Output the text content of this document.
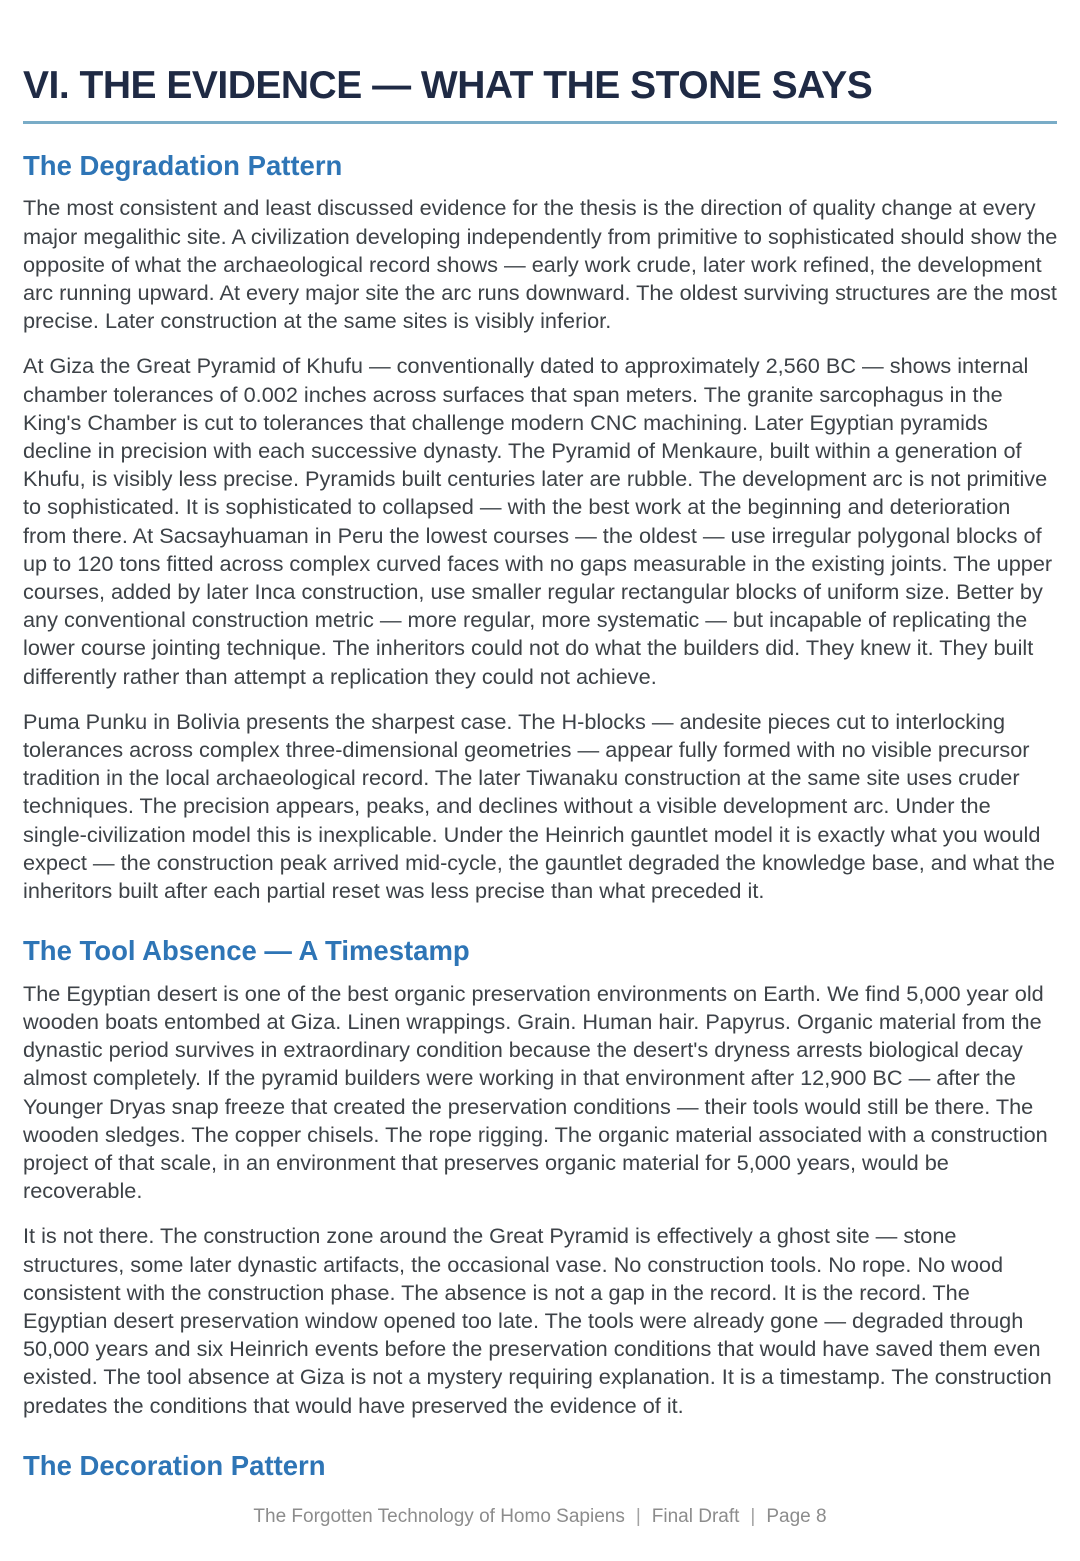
VI. THE EVIDENCE — WHAT THE STONE SAYS
The Degradation Pattern

The most consistent and least discussed evidence for the thesis is the direction of quality change at every major megalithic site. A civilization developing independently from primitive to sophisticated should show the opposite of what the archaeological record shows — early work crude, later work refined, the development arc running upward. At every major site the arc runs downward. The oldest surviving structures are the most precise. Later construction at the same sites is visibly inferior.

At Giza the Great Pyramid of Khufu — conventionally dated to approximately 2,560 BC — shows internal chamber tolerances of 0.002 inches across surfaces that span meters. The granite sarcophagus in the King's Chamber is cut to tolerances that challenge modern CNC machining. Later Egyptian pyramids decline in precision with each successive dynasty. The Pyramid of Menkaure, built within a generation of Khufu, is visibly less precise. Pyramids built centuries later are rubble. The development arc is not primitive to sophisticated. It is sophisticated to collapsed — with the best work at the beginning and deterioration from there. At Sacsayhuaman in Peru the lowest courses — the oldest — use irregular polygonal blocks of up to 120 tons fitted across complex curved faces with no gaps measurable in the existing joints. The upper courses, added by later Inca construction, use smaller regular rectangular blocks of uniform size. Better by any conventional construction metric — more regular, more systematic — but incapable of replicating the lower course jointing technique. The inheritors could not do what the builders did. They knew it. They built differently rather than attempt a replication they could not achieve.

Puma Punku in Bolivia presents the sharpest case. The H-blocks — andesite pieces cut to interlocking tolerances across complex three-dimensional geometries — appear fully formed with no visible precursor tradition in the local archaeological record. The later Tiwanaku construction at the same site uses cruder techniques. The precision appears, peaks, and declines without a visible development arc. Under the single-civilization model this is inexplicable. Under the Heinrich gauntlet model it is exactly what you would expect — the construction peak arrived mid-cycle, the gauntlet degraded the knowledge base, and what the inheritors built after each partial reset was less precise than what preceded it.

The Tool Absence — A Timestamp

The Egyptian desert is one of the best organic preservation environments on Earth. We find 5,000 year old wooden boats entombed at Giza. Linen wrappings. Grain. Human hair. Papyrus. Organic material from the dynastic period survives in extraordinary condition because the desert's dryness arrests biological decay almost completely. If the pyramid builders were working in that environment after 12,900 BC — after the Younger Dryas snap freeze that created the preservation conditions — their tools would still be there. The wooden sledges. The copper chisels. The rope rigging. The organic material associated with a construction project of that scale, in an environment that preserves organic material for 5,000 years, would be recoverable.

It is not there. The construction zone around the Great Pyramid is effectively a ghost site — stone structures, some later dynastic artifacts, the occasional vase. No construction tools. No rope. No wood consistent with the construction phase. The absence is not a gap in the record. It is the record. The Egyptian desert preservation window opened too late. The tools were already gone — degraded through 50,000 years and six Heinrich events before the preservation conditions that would have saved them even existed. The tool absence at Giza is not a mystery requiring explanation. It is a timestamp. The construction predates the conditions that would have preserved the evidence of it.

The Decoration Pattern
The Forgotten Technology of Homo Sapiens | Final Draft | Page 8
